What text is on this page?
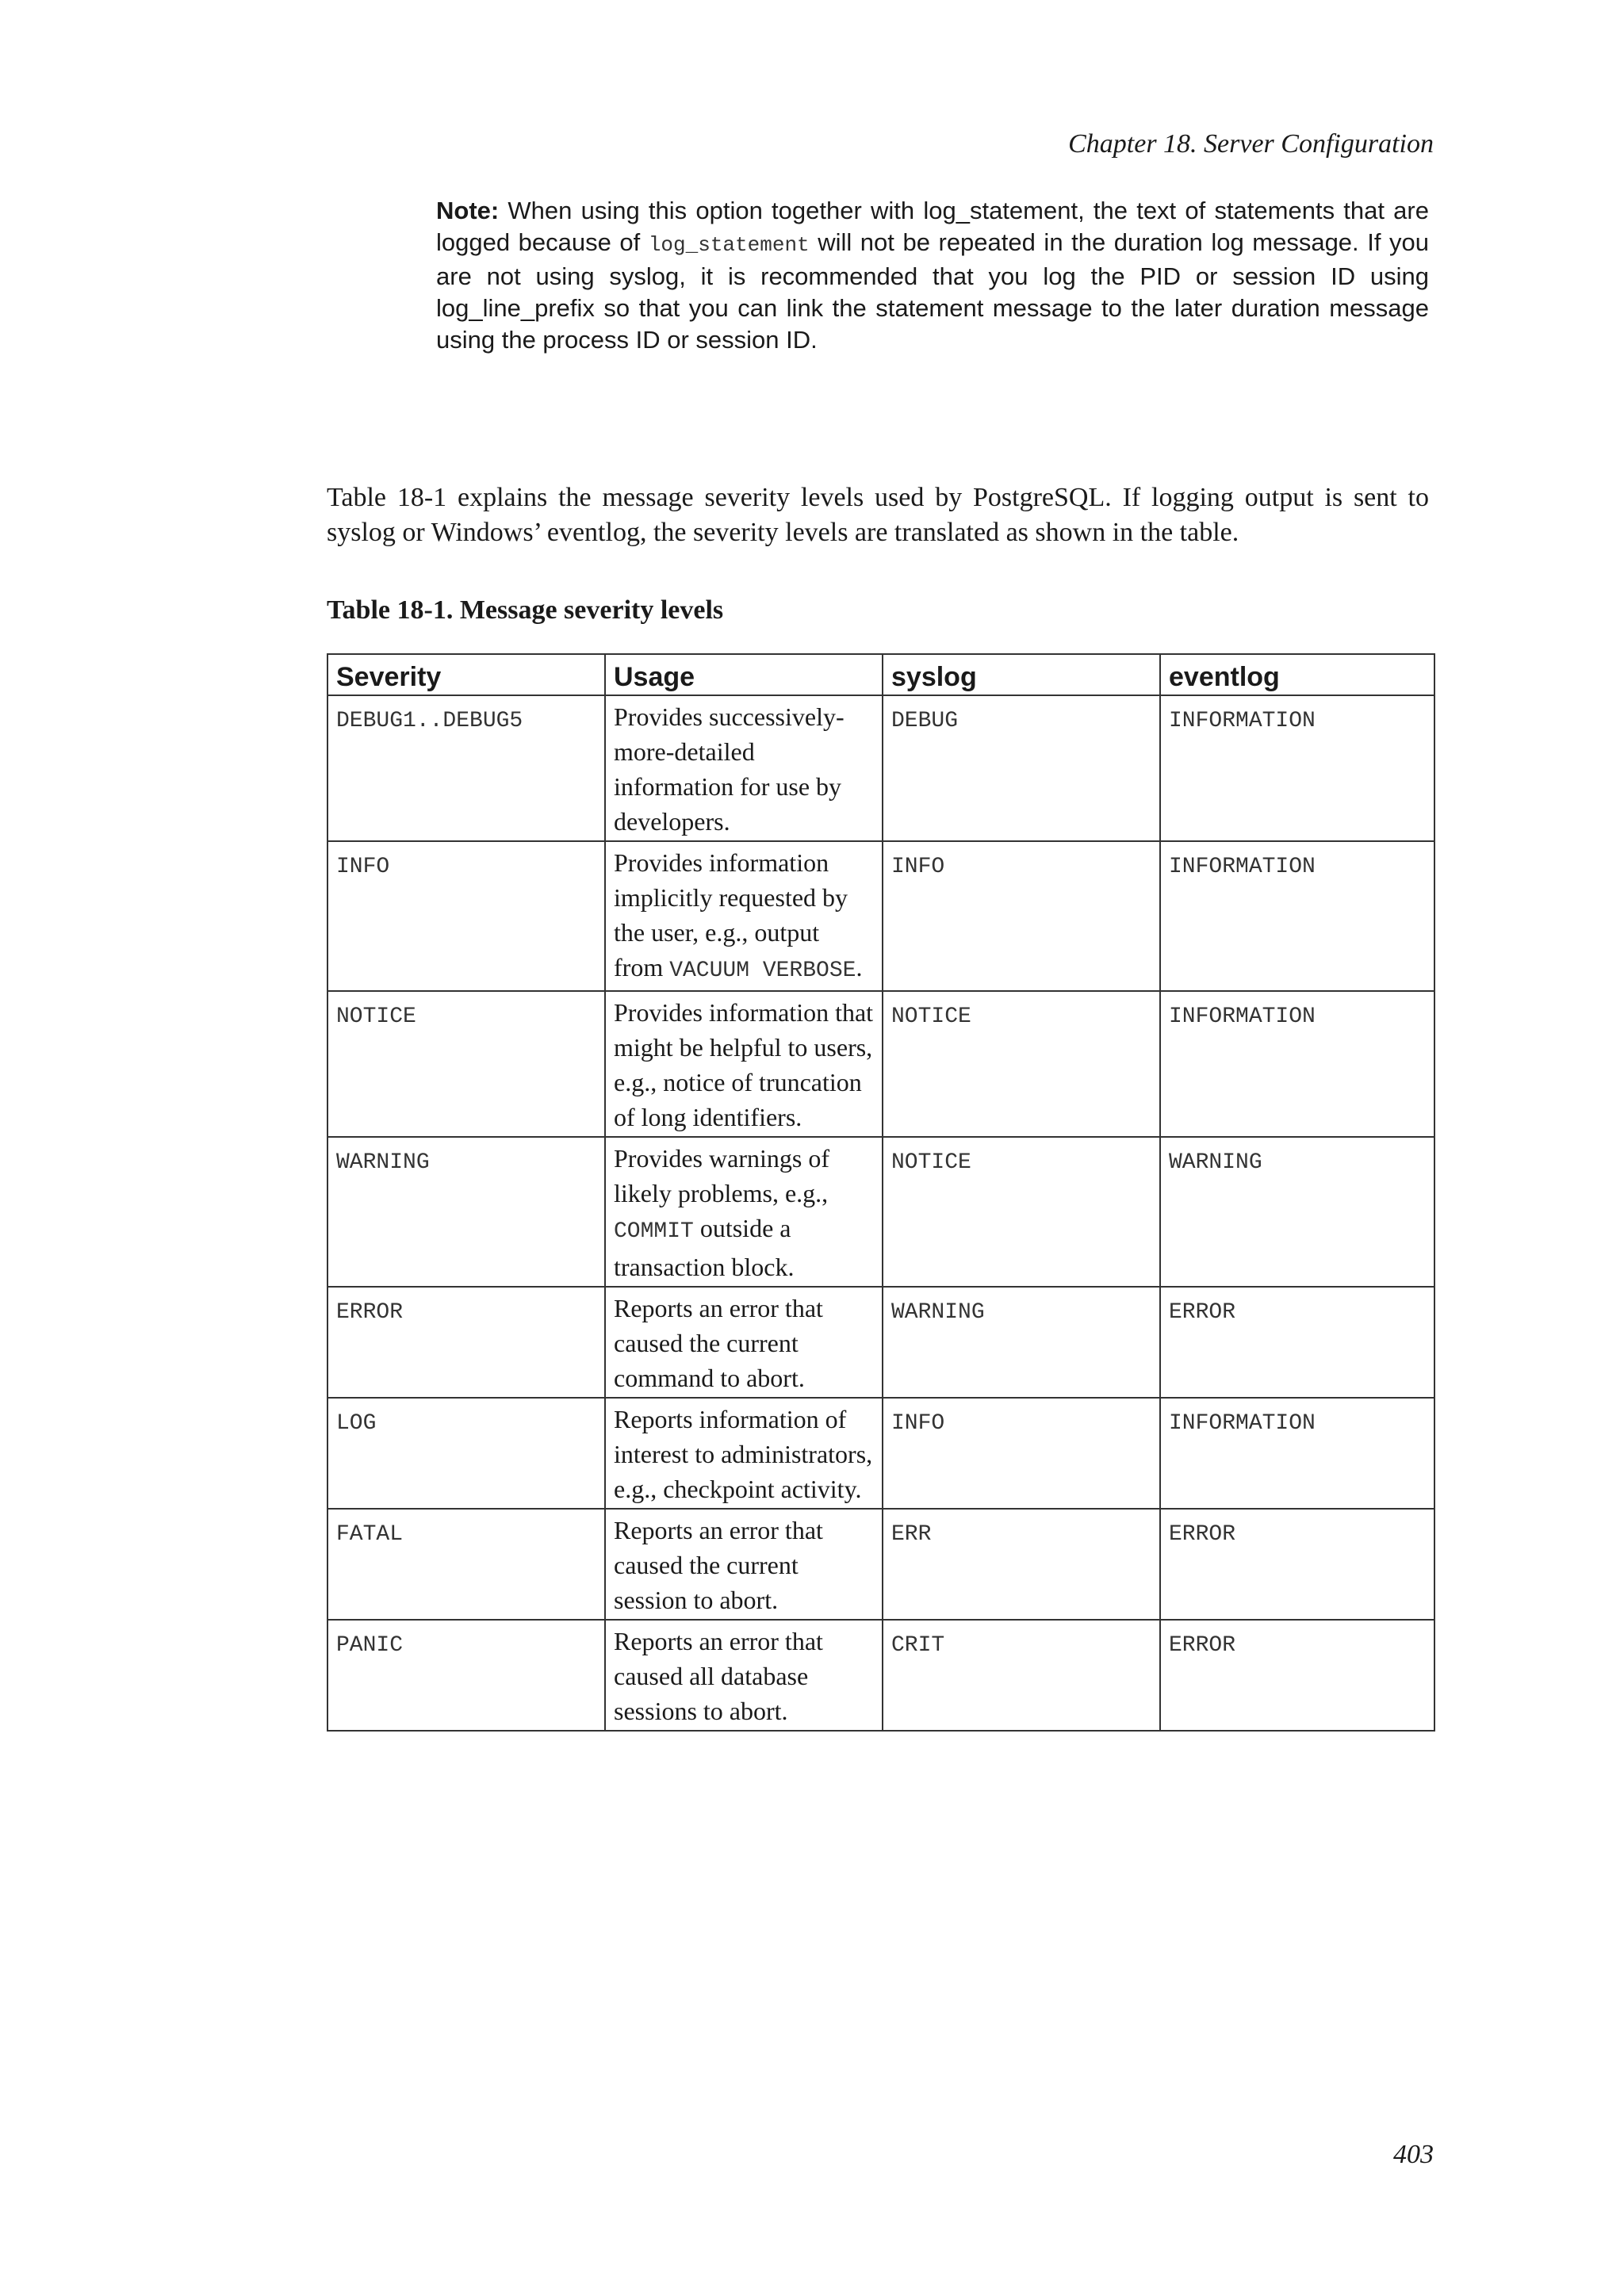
Chapter 18. Server Configuration
Note: When using this option together with log_statement, the text of statements that are logged because of log_statement will not be repeated in the duration log message. If you are not using syslog, it is recommended that you log the PID or session ID using log_line_prefix so that you can link the statement message to the later duration message using the process ID or session ID.
Table 18-1 explains the message severity levels used by PostgreSQL. If logging output is sent to syslog or Windows’ eventlog, the severity levels are translated as shown in the table.
Table 18-1. Message severity levels
Severity	Usage	syslog	eventlog
DEBUG1..DEBUG5	Provides successively-more-detailed information for use by developers.	DEBUG	INFORMATION
INFO	Provides information implicitly requested by the user, e.g., output from VACUUM VERBOSE.	INFO	INFORMATION
NOTICE	Provides information that might be helpful to users, e.g., notice of truncation of long identifiers.	NOTICE	INFORMATION
WARNING	Provides warnings of likely problems, e.g., COMMIT outside a transaction block.	NOTICE	WARNING
ERROR	Reports an error that caused the current command to abort.	WARNING	ERROR
LOG	Reports information of interest to administrators, e.g., checkpoint activity.	INFO	INFORMATION
FATAL	Reports an error that caused the current session to abort.	ERR	ERROR
PANIC	Reports an error that caused all database sessions to abort.	CRIT	ERROR
403
